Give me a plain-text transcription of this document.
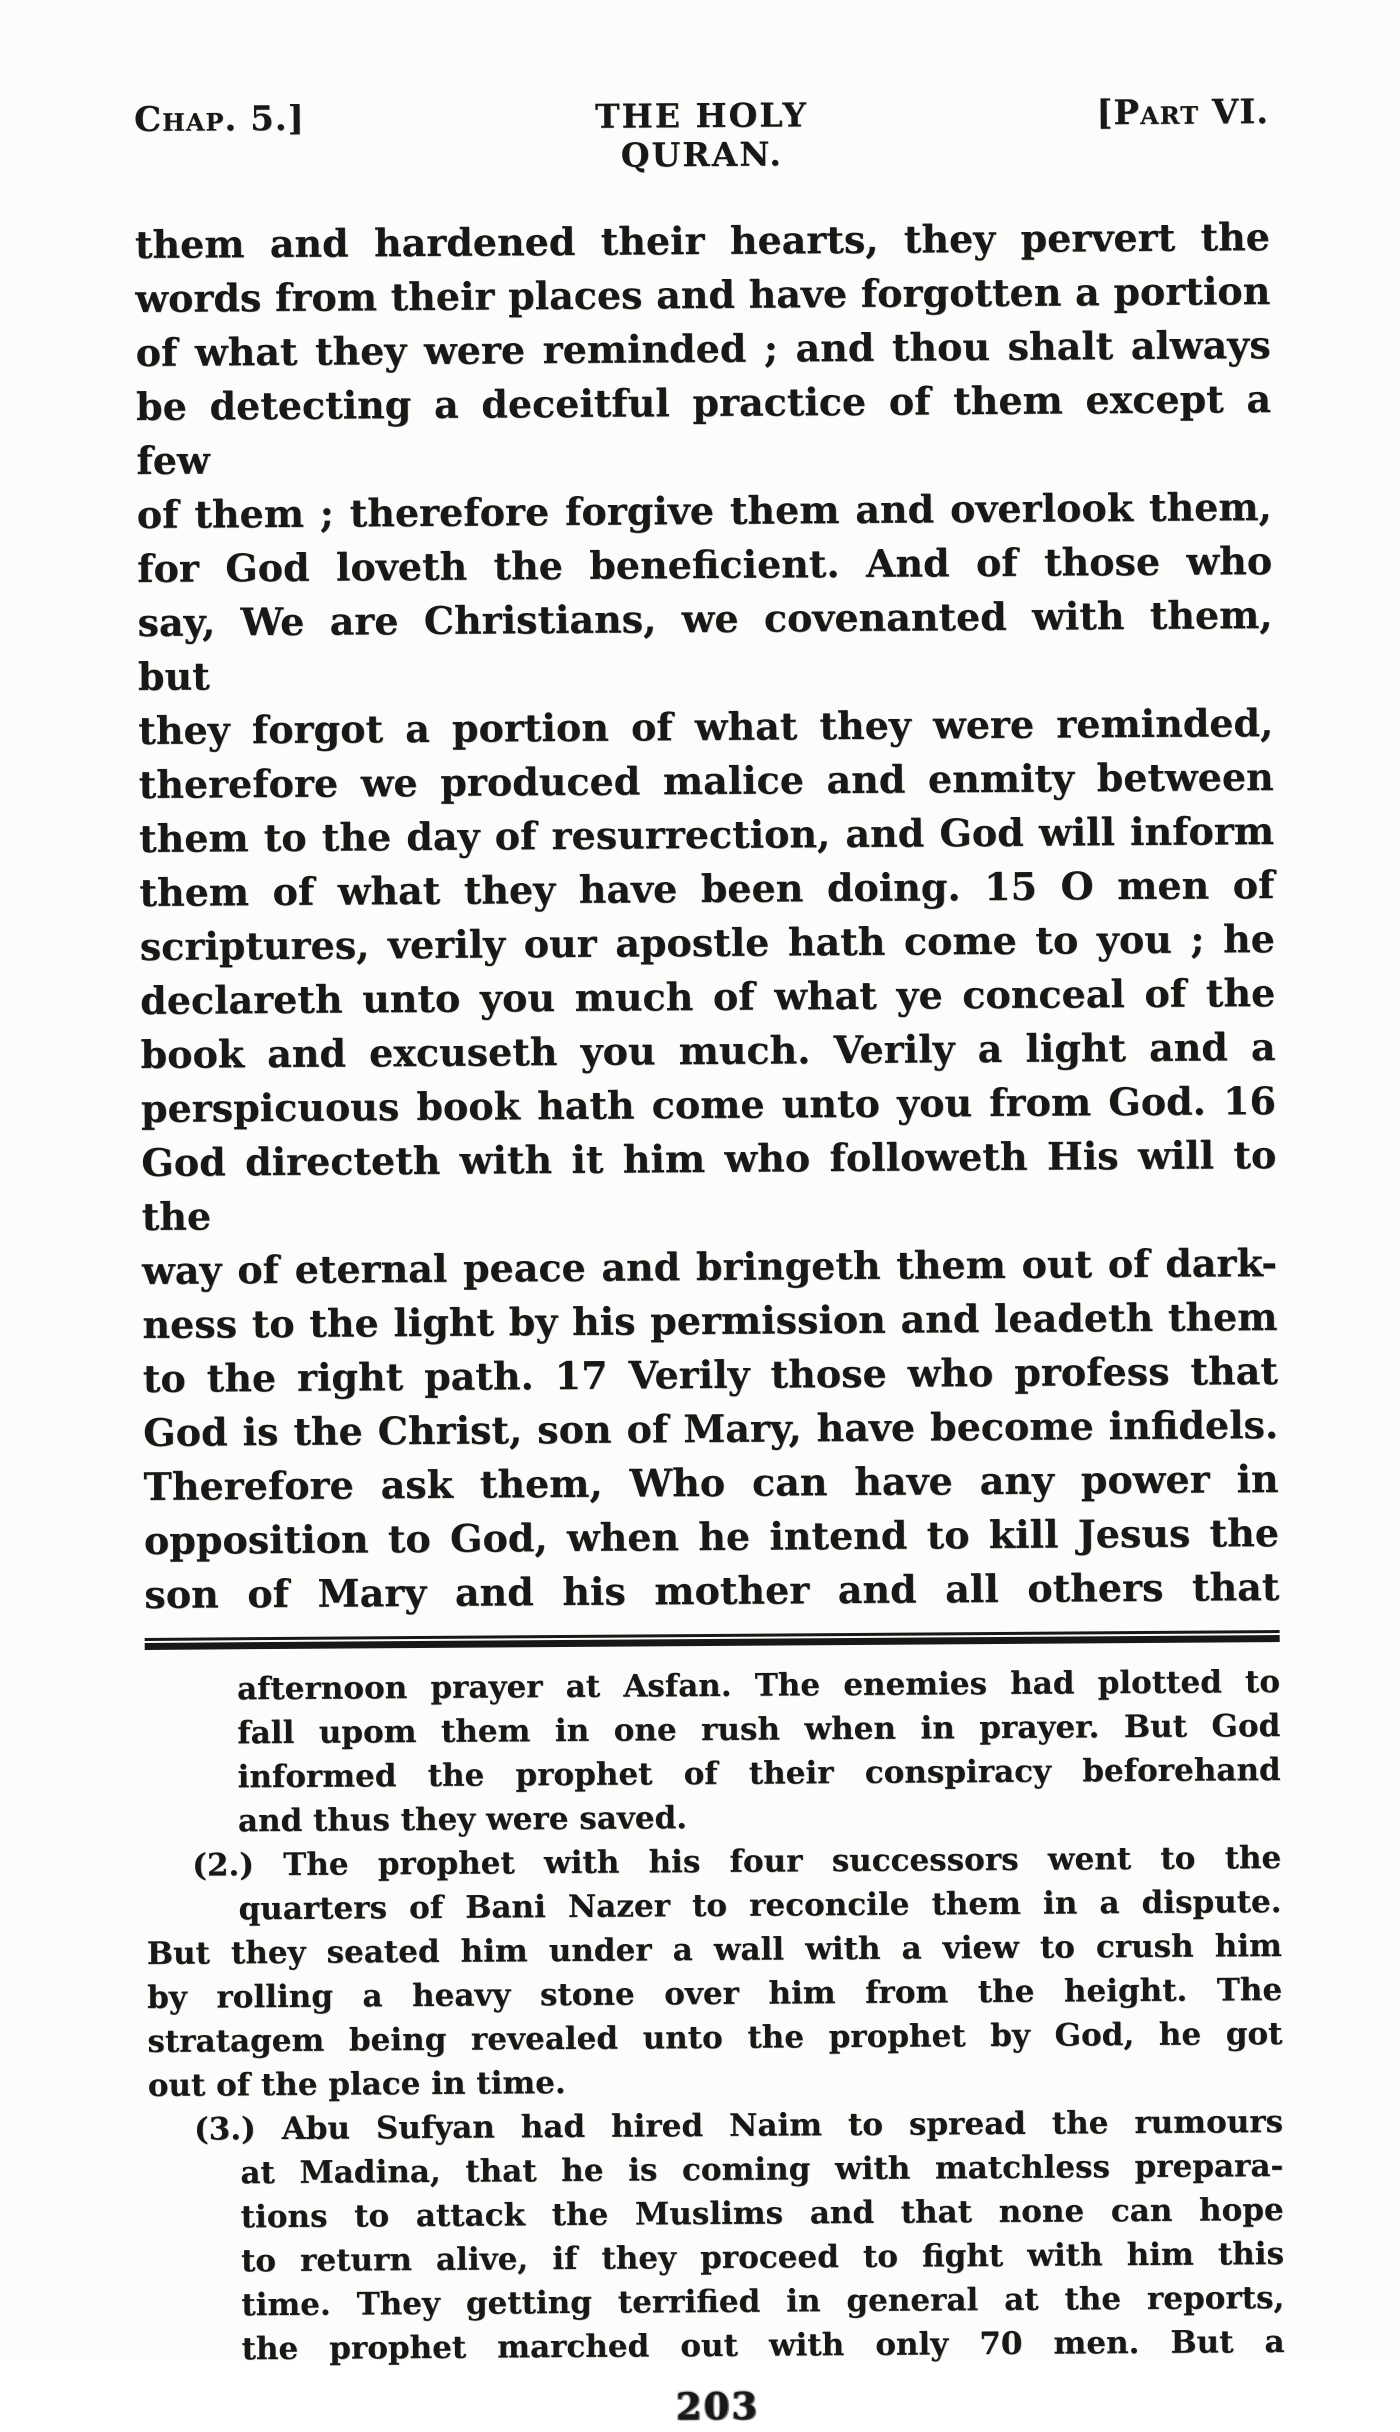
Chap. 5.]	THE HOLY QURAN.
[Part VI.
them and hardened their hearts, they pervert the
words from their places and have forgotten a portion
of what they were reminded ; and thou shalt always
be detecting a deceitful practice of them except a few
of them ; therefore forgive them and overlook them,
for God loveth the beneficient. And of those who
say, We are Christians, we covenanted with them, but
they forgot a portion of what they were reminded,
therefore we produced malice and enmity between
them to the day of resurrection, and God will inform
them of what they have been doing. 15 O men of
scriptures, verily our apostle hath come to you ; he
declareth unto you much of what ye conceal of the
book and excuseth you much. Verily a light and a
perspicuous book hath come unto you from God. 16
God directeth with it him who followeth His will to the
way of eternal peace and bringeth them out of dark-
ness to the light by his permission and leadeth them
to the right path. 17 Verily those who profess that
God is the Christ, son of Mary, have become infidels.
Therefore ask them, Who can have any power in
opposition to God, when he intend to kill Jesus the
son of Mary and his mother and all others that
afternoon prayer at Asfan. The enemies had plotted to
fall upom them in one rush when in prayer. But God
informed the prophet of their conspiracy beforehand
and thus they were saved.
(2.) The prophet with his four successors went to the
quarters of Bani Nazer to reconcile them in a dispute.
But they seated him under a wall with a view to crush him
by rolling a heavy stone over him from the height. The
stratagem being revealed unto the prophet by God, he got
out of the place in time.
(3.) Abu Sufyan had hired Naim to spread the rumours
at Madina, that he is coming with matchless prepara-
tions to attack the Muslims and that none can hope
to return alive, if they proceed to fight with him this
time. They getting terrified in general at the reports,
the prophet marched out with only 70 men. But a
203
